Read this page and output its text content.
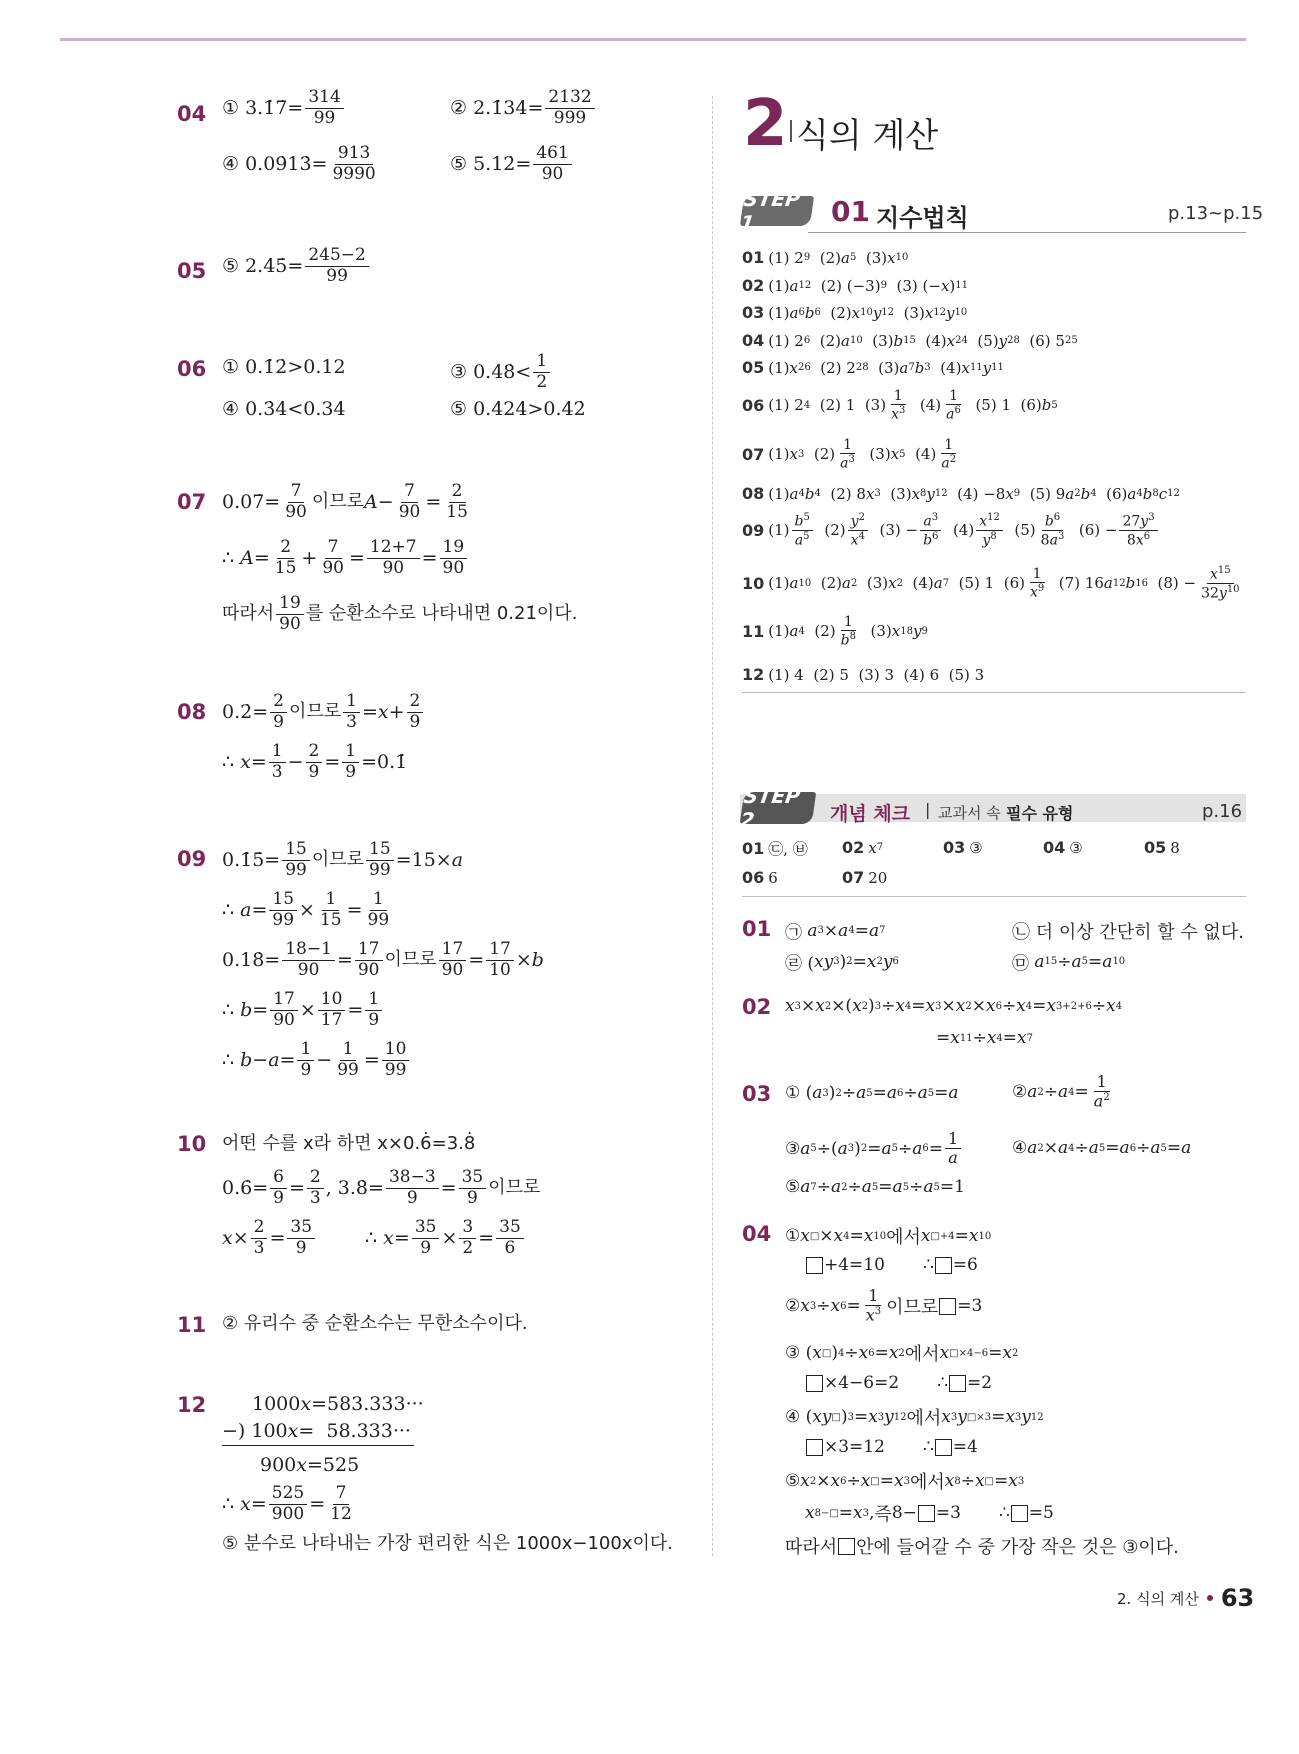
04 ① 3.1̇7̇= $\frac{314}{99}$	② 2.1̇34̇= $\frac{2132}{999}$
④ 0.09̇13̇= $\frac{913}{9990}$	⑤ 5.12̇= $\frac{461}{90}$
05 ⑤ 2.4̇5̇= $\frac{245-2}{99}$
06 ① 0.1̇2̇>0.12	③ 0.48̇< $\frac{1}{2}$
④ 0.3̇4̇<0.34̇	⑤ 0.4̇24̇>0.42̇
07 0.07̇= $\frac{7}{90}$ 이므로 $A - \frac{7}{90} = \frac{2}{15}$
∴ $A = \frac{2}{15} + \frac{7}{90} = \frac{12+7}{90} = \frac{19}{90}$
따라서 $\frac{19}{90}$ 를 순환소수로 나타내면 0.21̇이다.
08 0.2̇= $\frac{2}{9}$ 이므로 $\frac{1}{3} = x + \frac{2}{9}$
∴ $x = \frac{1}{3} - \frac{2}{9} = \frac{1}{9}$ =0.1̇
09 0.1̇5̇= $\frac{15}{99}$ 이므로 $\frac{15}{99} =15\times a$
∴ $a = \frac{15}{99} \times \frac{1}{15} = \frac{1}{99}$
0.18̇= $\frac{18-1}{90} = \frac{17}{90}$ 이므로 $\frac{17}{90} = \frac{17}{10} \times b$
∴ $b = \frac{17}{90} \times \frac{10}{17} = \frac{1}{9}$
∴ $b - a = \frac{1}{9} - \frac{1}{99} = \frac{10}{99}$
10 어떤 수를 x라 하면 x×0.6̇=3.8̇
0.6̇= $\frac{6}{9} = \frac{2}{3}$ , 3.8̇= $\frac{38-3}{9} = \frac{35}{9}$ 이므로
$x \times \frac{2}{3} = \frac{35}{9}$	∴ $x = \frac{35}{9} \times \frac{3}{2} = \frac{35}{6}$
11 ② 유리수 중 순환소수는 무한소수이다.
12 1000 x =583.333···
−) 100 x =  58.333···
900 x =525
∴ $x = \frac{525}{900} = \frac{7}{12}$
⑤ 분수로 나타내는 가장 편리한 식은 1000x−100x이다.
2 식의 계산
STEP 1	01 지수법칙	p.13~p.15
01 (1) 2 9 (2) a 5 (3) x 10
02 (1) a 12 (2) (−3) 9 (3) (− x ) 11
03 (1) a 6 b 6 (2) x 10 y 12 (3) x 12 y 10
04 (1) 2 6 (2) a 10 (3) b 15 (4) x 24 (5) y 28 (6) 5 25
05 (1) x 26 (2) 2 28 (3) a 7 b 3 (4) x 11 y 11
06 (1) 2 4 (2) 1  $(3) \frac{1}{x^3} (4) \frac{1}{a^6} (5)$ 1  (6) b 5
07 (1) x 3 $(2) \frac{1}{a^3} (3)$ x 5 $(4) \frac{1}{a^2}$
08 (1) a 4 b 4 (2) 8 x 3 (3) x 8 y 12 (4) −8 x 9 (5) 9 a 2 b 4 (6) a 4 b 8 c 12
09 $(1) \frac{b^5}{a^5} (2) \frac{y^2}{x^4} (3) - \frac{a^3}{b^6} (4) \frac{x^{12}}{y^8} (5) \frac{b^6}{8a^3} (6) - \frac{27y^3}{8x^6}$
10 (1) a 10 (2) a 2 (3) x 2 (4) a 7 (5) 1  $(6) \frac{1}{x^9} (7)$ 16 a 12 b 16 $(8) - \frac{x^{15}}{32y^{10}}$
11 (1) a 4 $(2) \frac{1}{b^8} (3)$ x 18 y 9
12 (1) 4  (2) 5  (3) 3  (4) 6  (5) 3
STEP 2	개념 체크 | 교과서 속 필수 유형	p.16
01 ㉢, ㉥ 02 x 7	03 ③	04 ③	05 8
06 6	07 20
01 ㉠ a 3 × a 4 = a 7	㉡ 더 이상 간단히 할 수 없다.
㉣ ( xy 3 ) 2 = x 2 y 6	㉤ a 15 ÷ a 5 = a 10
02 x 3 × x 2 ×( x 2 ) 3 ÷ x 4 = x 3 × x 2 × x 6 ÷ x 4 = x 3+2+6 ÷ x 4
= x 11 ÷ x 4 = x 7
03 ① ( a 3 ) 2 ÷ a 5 = a 6 ÷ a 5 = a	② a 2 ÷ a $4 = \frac{1}{a^2}$
③ a 5 ÷( a 3 ) 2 = a 5 ÷ a $6 = \frac{1}{a}$	④ a 2 × a 4 ÷ a 5 = a 6 ÷ a 5 = a
⑤ a 7 ÷ a 2 ÷ a 5 = a 5 ÷ a 5 =1
04 ① x □ × x 4 = x 10 에서 x □+4 = x 10
+4=10 ∴
=6
② x 3 ÷ x $6 = \frac{1}{x^3}$ 이므로 =3
③ ( x □ ) 4 ÷ x 6 = x 2 에서 x □×4−6 = x 2
×4−6=2 ∴
=2
④ ( xy □ ) 3 = x 3 y 12 에서 x 3 y □×3 = x 3 y 12
×3=12 ∴
=4
⑤ x 2 × x 6 ÷ x □ = x 3 에서 x 8 ÷ x □ = x 3
x 8−□ = x 3 , 즉 8− =3 ∴
=5
따라서 안에 들어갈 수 중 가장 작은 것은 ③이다.
2. 식의 계산 63
